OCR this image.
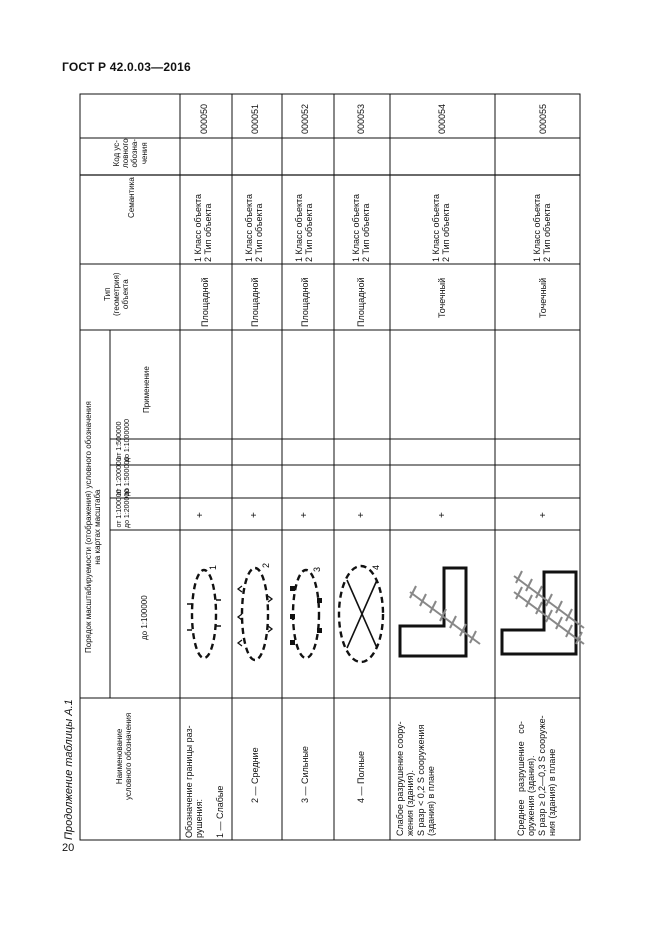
ГОСТ Р 42.0.03—2016
20
Продолжение таблицы А.1
Код ус-
ловного
обозна-
чения
Семантика
Тип
(геометрия)
объекта
Применение
от 1:500000
до 1:1000000
от 1:200000
до 1:500000
от 1:100000
до 1:200000
до 1:100000
Порядок масштабируемости (отображения) условного обозначения
на картах масштаба
Наименование
условного обозначения
Обозначение границы раз-
рушения:

1 — Слабые
+
Площадной
1 Класс объекта
2 Тип объекта
000050
2 — Средние
+
Площадной
1 Класс объекта
2 Тип объекта
000051
3 — Сильные
+
Площадной
1 Класс объекта
2 Тип объекта
000052
4 — Полные
+
Площадной
1 Класс объекта
2 Тип объекта
000053
Слабое разрушение соору-
жения (здания).
S разр < 0,2 S сооружения
(здания) в плане
+
Точечный
1 Класс объекта
2 Тип объекта
000054
Среднее   разрушение   со-
оружения (здания).
S разр ≥ 0,2—0,3 S сооруже-
ния (здания) в плане
+
Точечный
1 Класс объекта
2 Тип объекта
000055
1	2
3	4
